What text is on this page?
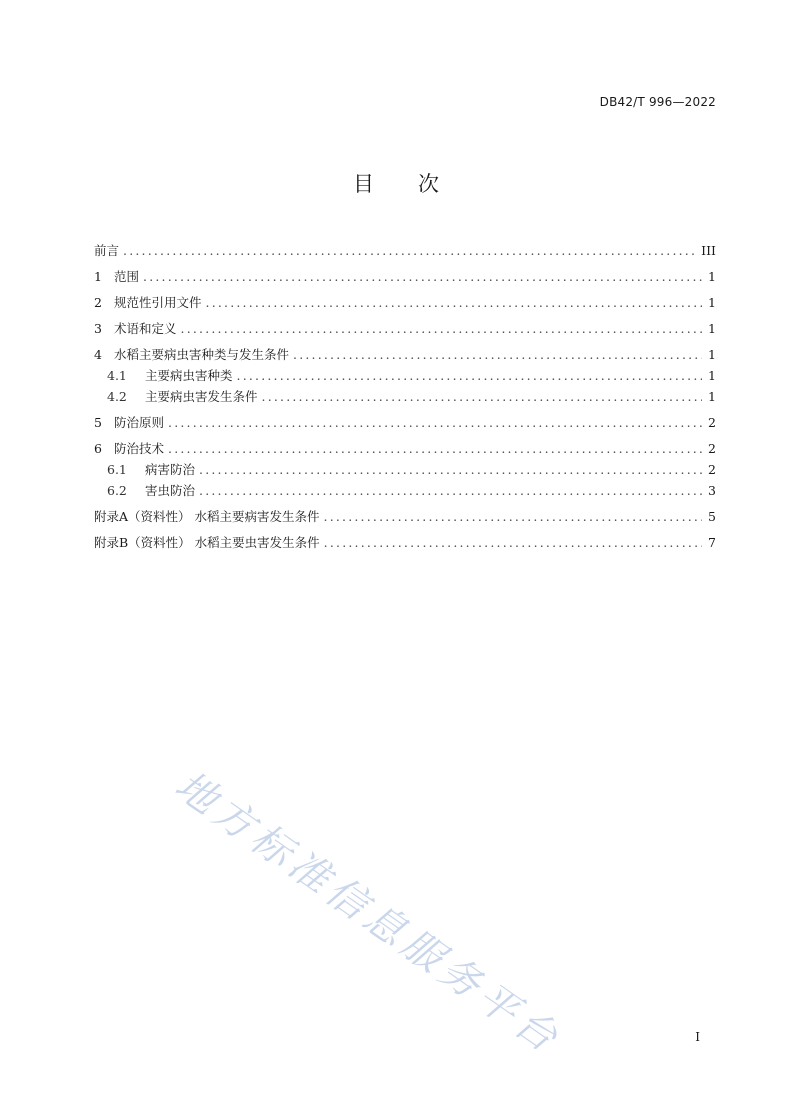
DB42/T 996—2022
目次
前言 .....	III
1 范围 .....	1
2 规范性引用文件 .....	1
3 术语和定义 .....	1
4 水稻主要病虫害种类与发生条件 .....	1
4.1	主要病虫害种类 .....	1
4.2	主要病虫害发生条件 .....	1
5 防治原则 .....	2
6 防治技术 .....	2
6.1	病害防治 .....	2
6.2	害虫防治 .....	3
附录A（资料性） 水稻主要病害发生条件 .....	5
附录B（资料性） 水稻主要虫害发生条件 .....	7
地方标准信息服务平台	I
